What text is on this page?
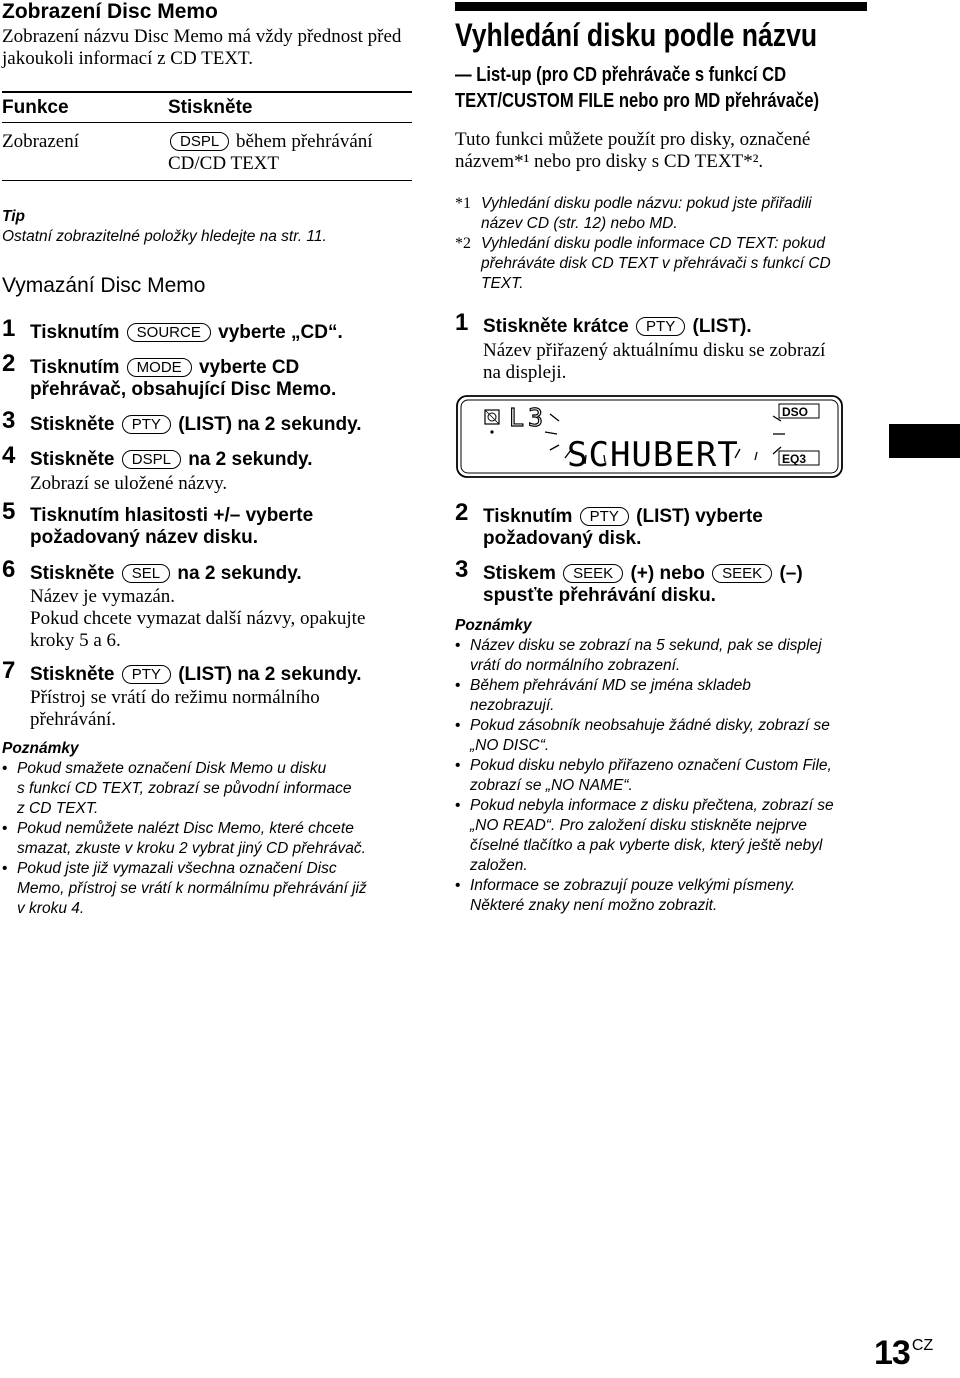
Zobrazení Disc Memo
Zobrazení názvu Disc Memo má vždy přednost před jakoukoli informací z CD TEXT.
Funkce	Stiskněte
Zobrazení	DSPL během přehrávání
CD/CD TEXT
Tip
Ostatní zobrazitelné položky hledejte na str. 11.
Vymazání Disc Memo
1 Tisknutím SOURCE vyberte „CD“.
2 Tisknutím MODE vyberte CD
přehrávač, obsahující Disc Memo.
3 Stiskněte PTY (LIST) na 2 sekundy.
4 Stiskněte DSPL na 2 sekundy.
Zobrazí se uložené názvy.
5 Tisknutím hlasitosti +/– vyberte
požadovaný název disku.
6 Stiskněte SEL na 2 sekundy.
Název je vymazán.
Pokud chcete vymazat další názvy, opakujte
kroky 5 a 6.
7 Stiskněte PTY (LIST) na 2 sekundy.
Přístroj se vrátí do režimu normálního
přehrávání.
Poznámky
• Pokud smažete označení Disk Memo u disku
s funkcí CD TEXT, zobrazí se původní informace
z CD TEXT.
• Pokud nemůžete nalézt Disc Memo, které chcete
smazat, zkuste v kroku 2 vybrat jiný CD přehrávač.
• Pokud jste již vymazali všechna označení Disc
Memo, přístroj se vrátí k normálnímu přehrávání již
v kroku 4.
Vyhledání disku podle názvu
— List-up (pro CD přehrávače s funkcí CD
TEXT/CUSTOM FILE nebo pro MD přehrávače)
Tuto funkci můžete použít pro disky, označené
názvem*¹ nebo pro disky s CD TEXT*².
*1 Vyhledání disku podle názvu: pokud jste přiřadili
název CD (str. 12) nebo MD.
*2 Vyhledání disku podle informace CD TEXT: pokud
přehráváte disk CD TEXT v přehrávači s funkcí CD
TEXT.
1 Stiskněte krátce PTY (LIST).
Název přiřazený aktuálnímu disku se zobrazí
na displeji.
L3
SCHUBERT
DSO
EQ3
2 Tisknutím PTY (LIST) vyberte
požadovaný disk.
3 Stiskem SEEK (+) nebo SEEK (–)
spusťte přehrávání disku.
Poznámky
• Název disku se zobrazí na 5 sekund, pak se displej
vrátí do normálního zobrazení.
• Během přehrávání MD se jména skladeb
nezobrazují.
• Pokud zásobník neobsahuje žádné disky, zobrazí se
„NO DISC“.
• Pokud disku nebylo přiřazeno označení Custom File,
zobrazí se „NO NAME“.
• Pokud nebyla informace z disku přečtena, zobrazí se
„NO READ“. Pro založení disku stiskněte nejprve
číselné tlačítko a pak vyberte disk, který ještě nebyl
založen.
• Informace se zobrazují pouze velkými písmeny.
Některé znaky není možno zobrazit.
13 CZ
